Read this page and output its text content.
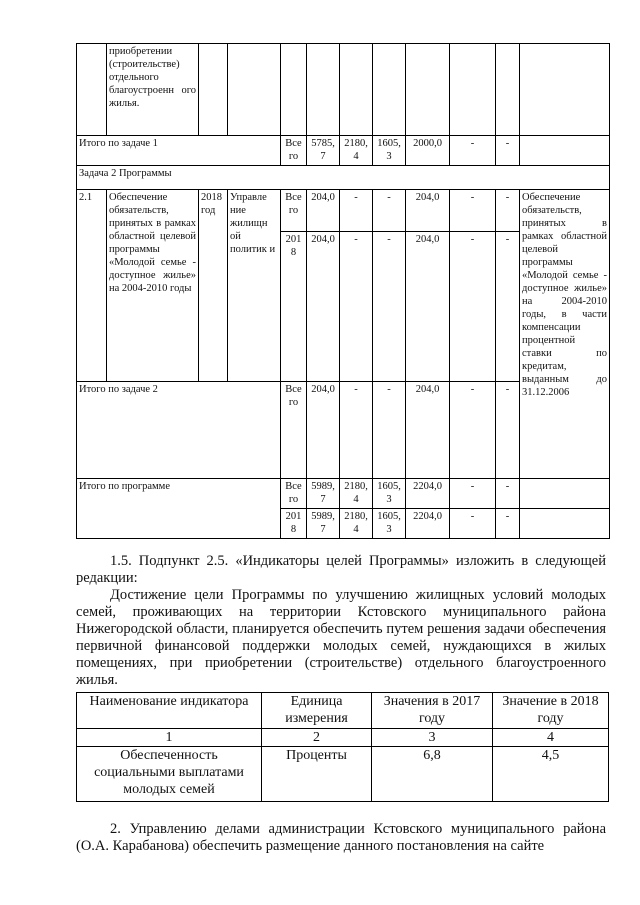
	приобретении (строительстве) отдельного благоустроенн ого жилья.										
Итого по задаче 1				Все го	5785, 7	2180, 4	1605, 3	2000,0	-	-	
Задача 2 Программы											
2.1	Обеспечение обязательств, принятых в рамках областной целевой программы «Молодой семье - доступное жилье» на 2004-2010 годы	2018 год	Управле ние жилищн ой политик и	Все го	204,0	-	-	204,0	-	-	Обеспечение обязательств, принятых в рамках областной целевой программы «Молодой семье - доступное жилье» на 2004-2010 годы, в части компенсации процентной ставки по кредитам, выданным до 31.12.2006
				201 8	204,0	-	-	204,0	-	-	
Итого по задаче 2				Все го	204,0	-	-	204,0	-	-	
Итого по программе				Все го	5989, 7	2180, 4	1605, 3	2204,0	-	-	
				201 8	5989, 7	2180, 4	1605, 3	2204,0	-	-	

1.5. Подпункт 2.5. «Индикаторы целей Программы» изложить в следующей редакции:

Достижение цели Программы по улучшению жилищных условий молодых семей, проживающих на территории Кстовского муниципального района Нижегородской области, планируется обеспечить путем решения задачи обеспечения первичной финансовой поддержки молодых семей, нуждающихся в жилых помещениях, при приобретении (строительстве) отдельного благоустроенного жилья.

Наименование индикатора	Единица измерения	Значения в 2017 году	Значение в 2018 году
1	2	3	4
Обеспеченность социальными выплатами молодых семей	Проценты	6,8	4,5

2. Управлению делами администрации Кстовского муниципального района (О.А. Карабанова) обеспечить размещение данного постановления на сайте
